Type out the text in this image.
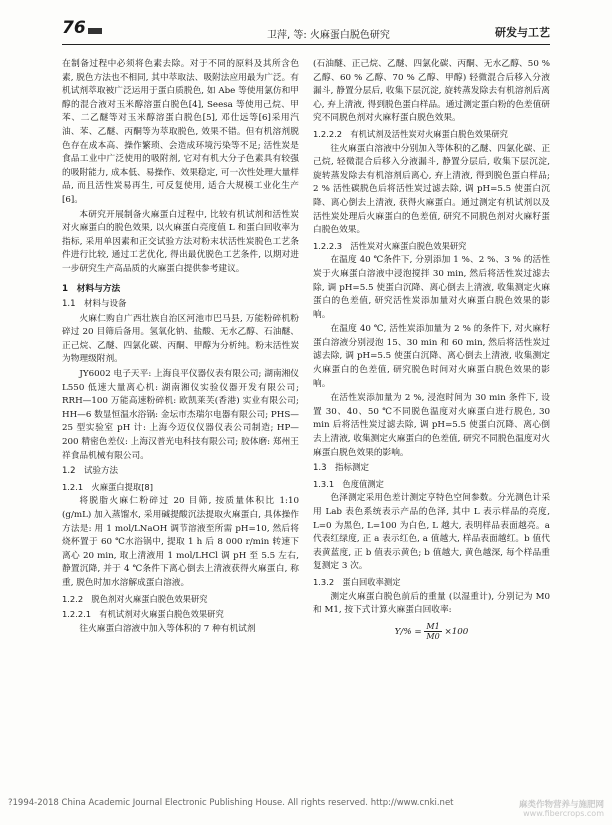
76	卫萍, 等: 火麻蛋白脱色研究	研发与工艺

在制备过程中必须将色素去除。对于不同的原料及其所含色素, 脱色方法也不相同, 其中萃取法、吸附法应用最为广泛。有机试剂萃取被广泛运用于蛋白质脱色, 如 Abe 等使用氯仿和甲醇的混合液对玉米醇溶蛋白脱色[4], Seesa 等使用己烷、甲苯、二乙醚等对玉米醇溶蛋白脱色[5], 邓仕远等[6]采用汽油、苯、乙醚、丙酮等为萃取脱色, 效果不错。但有机溶剂脱色存在成本高、操作繁琐、会造成环境污染等不足; 活性炭是食品工业中广泛使用的吸附剂, 它对有机大分子色素具有较强的吸附能力, 成本低、易操作、效果稳定, 可一次性处理大量样品, 而且活性炭易再生, 可反复使用, 适合大规模工业化生产[6]。

本研究开展制备火麻蛋白过程中, 比较有机试剂和活性炭对火麻蛋白的脱色效果, 以火麻蛋白亮度值 L 和蛋白回收率为指标, 采用单因素和正交试验方法对粉末状活性炭脱色工艺条件进行比较, 通过工艺优化, 得出最优脱色工艺条件, 以期对进一步研究生产高品质的火麻蛋白提供参考建议。

1　材料与方法
1.1　材料与设备

火麻仁购自广西壮族自治区河池市巴马县, 万能粉碎机粉碎过 20 目筛后备用。氢氧化钠、盐酸、无水乙醇、石油醚、正己烷、乙醚、四氯化碳、丙酮、甲醇为分析纯。粉末活性炭为物理级附剂。

JY6002 电子天平: 上海良平仪器仪表有限公司; 湖南湘仪 L550 低速大量离心机: 湖南湘仪实验仪器开发有限公司; RRH—100 万能高速粉碎机: 欧凯莱芙(香港) 实业有限公司; HH—6 数显恒温水浴锅: 金坛市杰瑞尔电器有限公司; PHS—25 型实验室 pH 计: 上海今迈仪仪器仪表公司制造; HP—200 精密色差仪: 上海汉普光电科技有限公司; 胶体磨: 郑州王祥食品机械有限公司。

1.2　试验方法
1.2.1　火麻蛋白提取[8]

将脱脂火麻仁粉碎过 20 目筛, 按质量体积比 1:10 (g/mL) 加入蒸馏水, 采用碱提酸沉法提取火麻蛋白, 具体操作方法是: 用 1 mol/LNaOH 调节溶液至所需 pH=10, 然后将烧杯置于 60 ℃水浴锅中, 提取 1 h 后 8 000 r/min 转速下离心 20 min, 取上清液用 1 mol/LHCl 调 pH 至 5.5 左右, 静置沉降, 并于 4 ℃条件下离心倒去上清液获得火麻蛋白, 称重, 脱色时加水溶解成蛋白溶液。

1.2.2　脱色剂对火麻蛋白脱色效果研究
1.2.2.1　有机试剂对火麻蛋白脱色效果研究

往火麻蛋白溶液中加入等体积的 7 种有机试剂

(石油醚、正己烷、乙醚、四氯化碳、丙酮、无水乙醇、50 % 乙醇、60 % 乙醇、70 % 乙醇、甲醇) 轻微混合后移入分液漏斗, 静置分层后, 收集下层沉淀, 旋转蒸发除去有机溶剂后离心, 弃上清液, 得到脱色蛋白样品。通过测定蛋白粉的色差值研究不同脱色剂对火麻籽蛋白脱色效果。

1.2.2.2　有机试剂及活性炭对火麻蛋白脱色效果研究

往火麻蛋白溶液中分别加入等体积的乙醚、四氯化碳、正己烷, 轻微混合后移入分液漏斗, 静置分层后, 收集下层沉淀, 旋转蒸发除去有机溶剂后离心, 弃上清液, 得到脱色蛋白样品; 2 % 活性碳脱色后将活性炭过滤去除, 调 pH=5.5 使蛋白沉降、离心倒去上清液, 获得火麻蛋白。通过测定有机试剂以及活性炭处理后火麻蛋白的色差值, 研究不同脱色剂对火麻籽蛋白脱色效果。

1.2.2.3　活性炭对火麻蛋白脱色效果研究

在温度 40 ℃条件下, 分别添加 1 %、2 %、3 % 的活性炭于火麻蛋白溶液中浸泡搅拌 30 min, 然后将活性炭过滤去除, 调 pH=5.5 使蛋白沉降、离心倒去上清液, 收集测定火麻蛋白的色差值, 研究活性炭添加量对火麻蛋白脱色效果的影响。

在温度 40 ℃, 活性炭添加量为 2 % 的条件下, 对火麻籽蛋白溶液分别浸泡 15、30 min 和 60 min, 然后将活性炭过滤去除, 调 pH=5.5 使蛋白沉降、离心倒去上清液, 收集测定火麻蛋白的色差值, 研究脱色时间对火麻蛋白脱色效果的影响。

在活性炭添加量为 2 %, 浸泡时间为 30 min 条件下, 设置 30、40、50 ℃不同脱色温度对火麻蛋白进行脱色, 30 min 后将活性炭过滤去除, 调 pH=5.5 使蛋白沉降、离心倒去上清液, 收集测定火麻蛋白的色差值, 研究不同脱色温度对火麻蛋白脱色效果的影响。

1.3　指标测定
1.3.1　色度值测定

色泽测定采用色差计测定亨特色空间参数。分光测色计采用 Lab 表色系统表示产品的色泽, 其中 L 表示样品的亮度, L=0 为黑色, L=100 为白色, L 越大, 表明样品表面越亮。a 代表红绿度, 正 a 表示红色, a 值越大, 样品表面越红。b 值代表黄蓝度, 正 b 值表示黄色; b 值越大, 黄色越深, 每个样品重复测定 3 次。

1.3.2　蛋白回收率测定

测定火麻蛋白脱色前后的重量 (以湿重计), 分别记为 M0 和 M1, 按下式计算火麻蛋白回收率:

$Y/\% = \frac{M1}{M0} \times 100$
?1994-2018 China Academic Journal Electronic Publishing House. All rights reserved. http://www.cnki.net	麻类作物营养与施肥网
www.fibercrops.com
